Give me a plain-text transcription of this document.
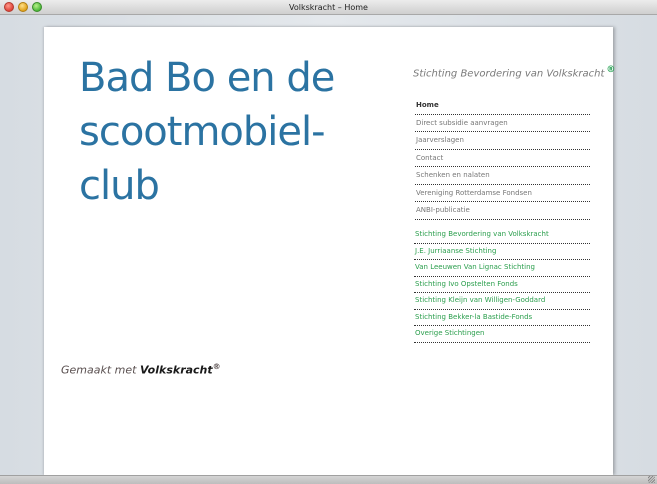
Volkskracht – Home
Bad Bo en de scootmobiel-club
Stichting Bevordering van Volkskracht ®
Home
Direct subsidie aanvragen
Jaarverslagen
Contact
Schenken en nalaten
Vereniging Rotterdamse Fondsen
ANBI-publicatie
Stichting Bevordering van Volkskracht
J.E. Jurriaanse Stichting
Van Leeuwen Van Lignac Stichting
Stichting Ivo Opstelten Fonds
Stichting Kleijn van Willigen-Goddard
Stichting Bekker-la Bastide-Fonds
Overige Stichtingen
Gemaakt met Volkskracht®
